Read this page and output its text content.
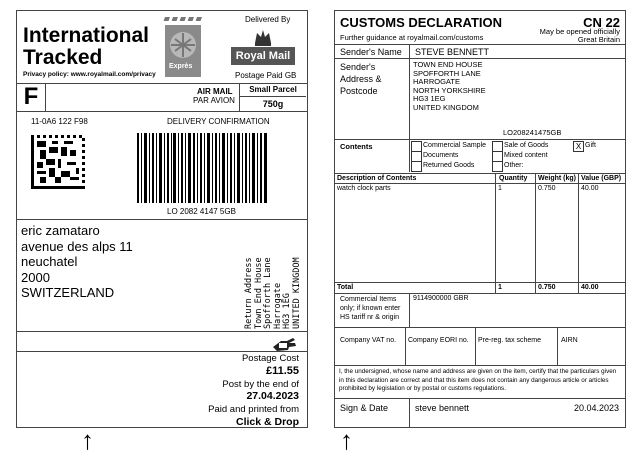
International
Tracked
Privacy policy: www.royalmail.com/privacy
Exprès
Delivered By
Royal Mail
Postage Paid GB
F	AIR MAIL
PAR AVION
Small Parcel
750g
11-0A6 122 F98	DELIVERY CONFIRMATION
LO 2082 4147 5GB
eric zamataro
avenue des alps 11
neuchatel
2000
SWITZERLAND	Return Address Town End House Spofforth Lane Harrogate HG3 1EG UNITED KINGDOM
Postage Cost
£11.55
Post by the end of
27.04.2023
Paid and printed from
Click & Drop
CUSTOMS DECLARATION	CN 22
Further guidance at royalmail.com/customs
May be opened officially
Great Britain
Sender's Name STEVE BENNETT
Sender's
Address &
Postcode
TOWN END HOUSE
SPOFFORTH LANE
HARROGATE
NORTH YORKSHIRE
HG3 1EG
UNITED KINGDOM
LO208241475GB
Contents	Commercial Sample
Documents
Returned Goods
Sale of Goods
Mixed content
Other:
X Gift
Description of Contents	Quantity Weight (kg) Value (GBP)
watch clock parts	1	0.750	40.00
Total	1	0.750	40.00
Commercial Items
only; if known enter
HS tariff nr & origin
9114900000 GBR
Company VAT no. Company EORI no. Pre-reg. tax scheme	AIRN
I, the undersigned, whose name and address are given on the item, certify that the particulars given in this declaration are correct and that this item does not contain any dangerous article or articles prohibited by legislation or by postal or customs regulations.
Sign & Date	steve bennett	20.04.2023
↑	↑
